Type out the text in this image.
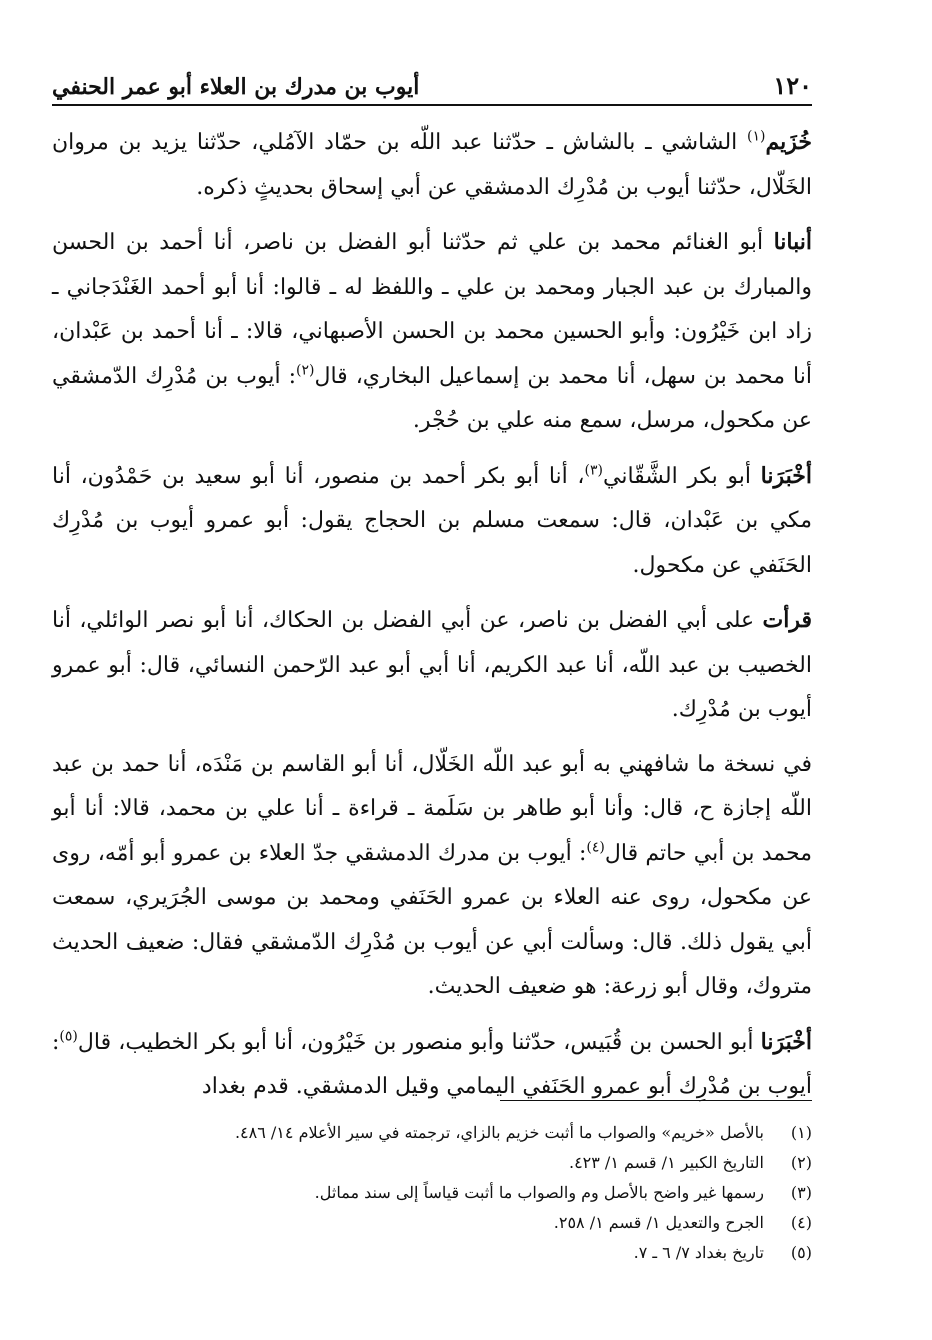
١٢٠
أيوب بن مدرك بن العلاء أبو عمر الحنفي

خُزَيم$^{(١)}$ الشاشي ـ بالشاش ـ حدّثنا عبد اللّه بن حمّاد الآمُلي، حدّثنا يزيد بن مروان الخَلّال، حدّثنا أيوب بن مُدْرِك الدمشقي عن أبي إسحاق بحديثٍ ذكره.

أنبانا أبو الغنائم محمد بن علي ثم حدّثنا أبو الفضل بن ناصر، أنا أحمد بن الحسن والمبارك بن عبد الجبار ومحمد بن علي ـ واللفظ له ـ قالوا: أنا أبو أحمد الغَنْدَجاني ـ زاد ابن خَيْرُون: وأبو الحسين محمد بن الحسن الأصبهاني، قالا: ـ أنا أحمد بن عَبْدان، أنا محمد بن سهل، أنا محمد بن إسماعيل البخاري، قال$^{(٢)}$: أيوب بن مُدْرِك الدّمشقي عن مكحول، مرسل، سمع منه علي بن حُجْر.

أخْبَرَنا أبو بكر الشَّقّاني$^{(٣)}$، أنا أبو بكر أحمد بن منصور، أنا أبو سعيد بن حَمْدُون، أنا مكي بن عَبْدان، قال: سمعت مسلم بن الحجاج يقول: أبو عمرو أيوب بن مُدْرِك الحَنَفي عن مكحول.

قرأت على أبي الفضل بن ناصر، عن أبي الفضل بن الحكاك، أنا أبو نصر الوائلي، أنا الخصيب بن عبد اللّه، أنا عبد الكريم، أنا أبي أبو عبد الرّحمن النسائي، قال: أبو عمرو أيوب بن مُدْرِك.

في نسخة ما شافهني به أبو عبد اللّه الخَلّال، أنا أبو القاسم بن مَنْدَه، أنا حمد بن عبد اللّه إجازة ح، قال: وأنا أبو طاهر بن سَلَمة ـ قراءة ـ أنا علي بن محمد، قالا: أنا أبو محمد بن أبي حاتم قال$^{(٤)}$: أيوب بن مدرك الدمشقي جدّ العلاء بن عمرو أبو أمّه، روى عن مكحول، روى عنه العلاء بن عمرو الحَنَفي ومحمد بن موسى الجُرَيري، سمعت أبي يقول ذلك. قال: وسألت أبي عن أيوب بن مُدْرِك الدّمشقي فقال: ضعيف الحديث متروك، وقال أبو زرعة: هو ضعيف الحديث.

أخْبَرَنا أبو الحسن بن قُبَيس، حدّثنا وأبو منصور بن خَيْرُون، أنا أبو بكر الخطيب، قال$^{(٥)}$: أيوب بن مُدْرِك أبو عمرو الحَنَفي اليمامي وقيل الدمشقي. قدم بغداد

(١)
بالأصل «خريم» والصواب ما أثبت خزيم بالزاي، ترجمته في سير الأعلام ١٤/ ٤٨٦.
(٢)
التاريخ الكبير ١/ قسم ١/ ٤٢٣.
(٣)
رسمها غير واضح بالأصل وم والصواب ما أثبت قياساً إلى سند مماثل.
(٤)
الجرح والتعديل ١/ قسم ١/ ٢٥٨.
(٥)
تاريخ بغداد ٧/ ٦ ـ ٧.
